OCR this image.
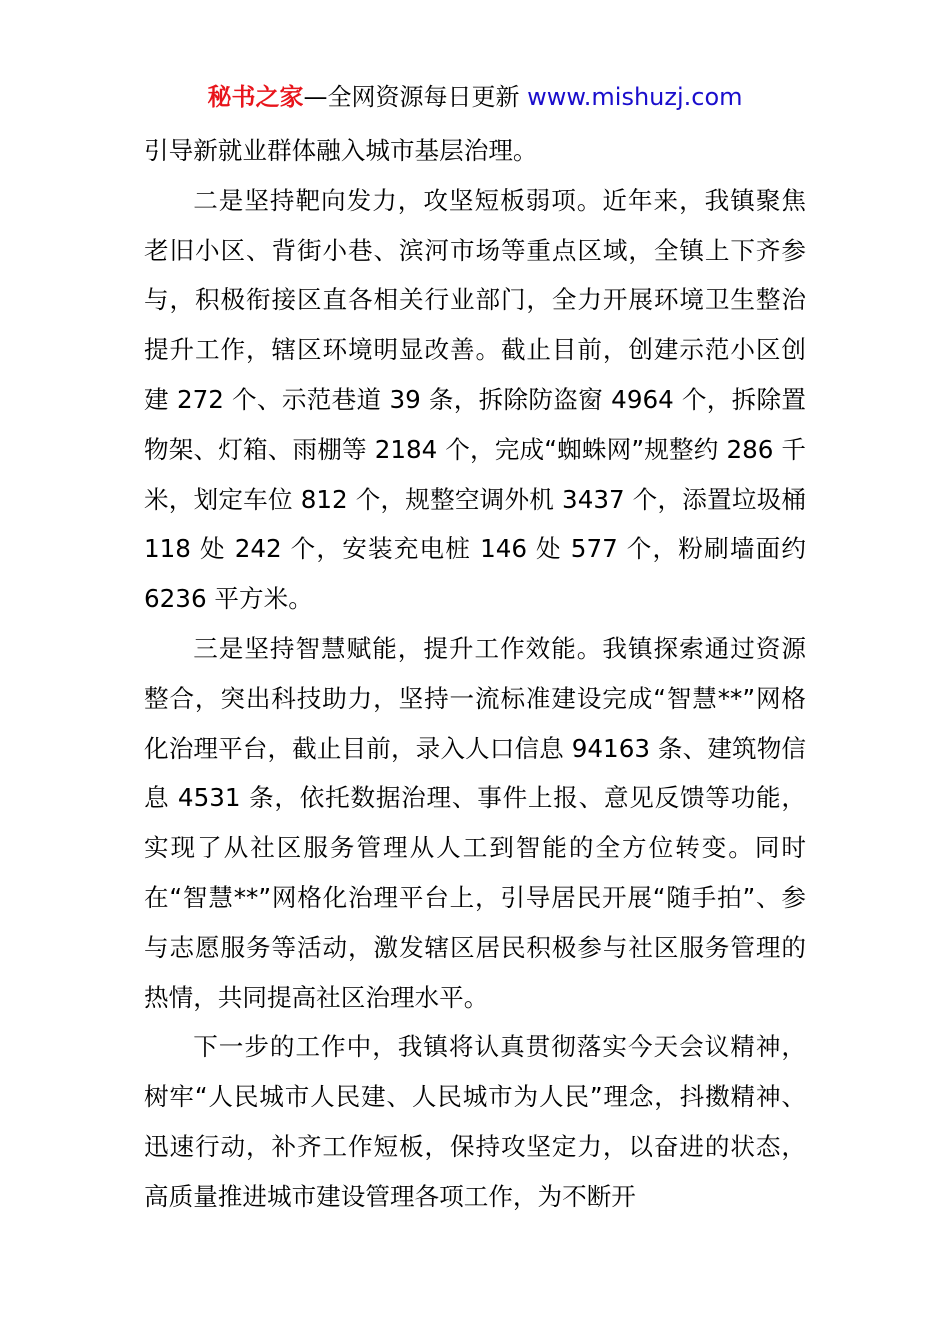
秘书之家—全网资源每日更新 www.mishuzj.com

引导新就业群体融入城市基层治理。

二是坚持靶向发力，攻坚短板弱项。近年来，我镇聚焦老旧小区、背街小巷、滨河市场等重点区域，全镇上下齐参与，积极衔接区直各相关行业部门，全力开展环境卫生整治提升工作，辖区环境明显改善。截止目前，创建示范小区创建 272 个、示范巷道 39 条，拆除防盗窗 4964 个，拆除置物架、灯箱、雨棚等 2184 个，完成“蜘蛛网”规整约 286 千米，划定车位 812 个，规整空调外机 3437 个，添置垃圾桶 118 处 242 个，安装充电桩 146 处 577 个，粉刷墙面约 6236 平方米。

三是坚持智慧赋能，提升工作效能。我镇探索通过资源整合，突出科技助力，坚持一流标准建设完成“智慧**”网格化治理平台，截止目前，录入人口信息 94163 条、建筑物信息 4531 条，依托数据治理、事件上报、意见反馈等功能，实现了从社区服务管理从人工到智能的全方位转变。同时在“智慧**”网格化治理平台上，引导居民开展“随手拍”、参与志愿服务等活动，激发辖区居民积极参与社区服务管理的热情，共同提高社区治理水平。

下一步的工作中，我镇将认真贯彻落实今天会议精神，树牢“人民城市人民建、人民城市为人民”理念，抖擞精神、迅速行动，补齐工作短板，保持攻坚定力，以奋进的状态，高质量推进城市建设管理各项工作，为不断开
